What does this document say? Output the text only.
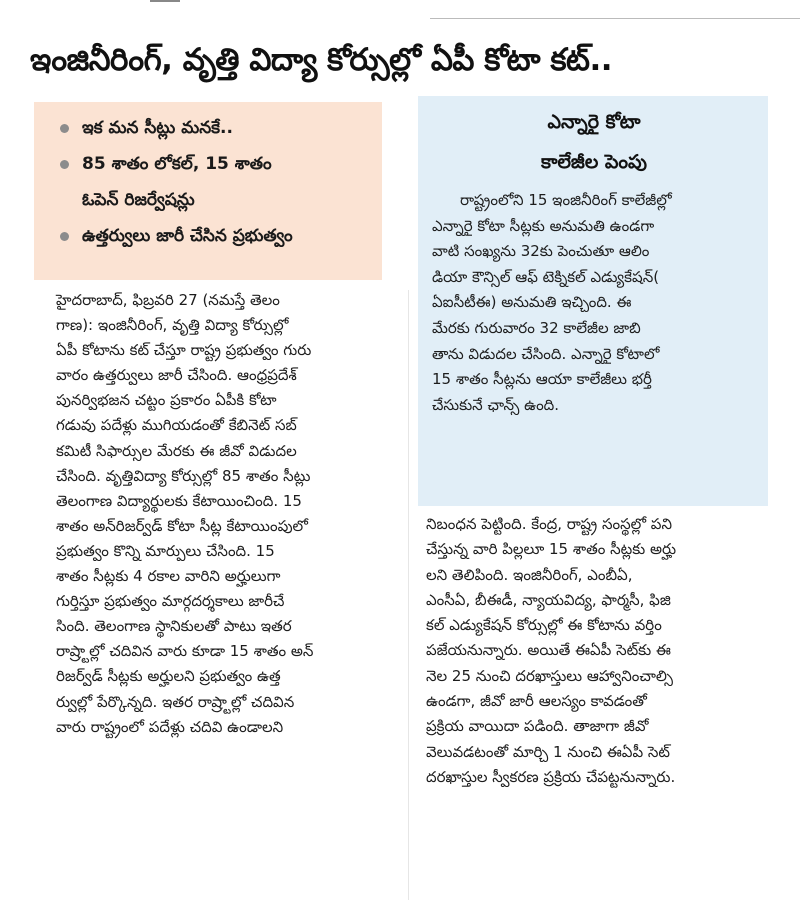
ఇంజినీరింగ్, వృత్తి విద్యా కోర్సుల్లో ఏపీ కోటా కట్..
ఇక మన సీట్లు మనకే..
85 శాతం లోకల్, 15 శాతం
ఓపెన్ రిజర్వేషన్లు
ఉత్తర్వులు జారీ చేసిన ప్రభుత్వం

హైదరాబాద్, ఫిబ్రవరి 27 (నమస్తే తెలం

గాణ): ఇంజినీరింగ్, వృత్తి విద్యా కోర్సుల్లో

ఏపీ కోటాను కట్ చేస్తూ రాష్ట్ర ప్రభుత్వం గురు

వారం ఉత్తర్వులు జారీ చేసింది. ఆంధ్రప్రదేశ్

పునర్విభజన చట్టం ప్రకారం ఏపీకి కోటా

గడువు పదేళ్లు ముగియడంతో కేబినెట్ సబ్

కమిటీ సిఫార్సుల మేరకు ఈ జీవో విడుదల

చేసింది. వృత్తివిద్యా కోర్సుల్లో 85 శాతం సీట్లు

తెలంగాణ విద్యార్థులకు కేటాయించింది. 15

శాతం అన్‌రిజర్వ్‌డ్ కోటా సీట్ల కేటాయింపులో

ప్రభుత్వం కొన్ని మార్పులు చేసింది. 15

శాతం సీట్లకు 4 రకాల వారిని అర్హులుగా

గుర్తిస్తూ ప్రభుత్వం మార్గదర్శకాలు జారీచే

సింది. తెలంగాణ స్థానికులతో పాటు ఇతర

రాష్ర్టాల్లో చదివిన వారు కూడా 15 శాతం అన్

రిజర్వ్‌డ్ సీట్లకు అర్హులని ప్రభుత్వం ఉత్త

ర్వుల్లో పేర్కొన్నది. ఇతర రాష్ర్టాల్లో చదివిన

వారు రాష్ట్రంలో పదేళ్లు చదివి ఉండాలని

ఎన్నారై కోటా
కాలేజీల పెంపు

రాష్ట్రంలోని 15 ఇంజినీరింగ్ కాలేజీల్లో

ఎన్నారై కోటా సీట్లకు అనుమతి ఉండగా

వాటి సంఖ్యను 32కు పెంచుతూ ఆలిం

డియా కౌన్సిల్ ఆఫ్ టెక్నికల్ ఎడ్యుకేషన్(

ఏఐసీటీఈ) అనుమతి ఇచ్చింది. ఈ

మేరకు గురువారం 32 కాలేజీల జాబి

తాను విడుదల చేసింది. ఎన్నారై కోటాలో

15 శాతం సీట్లను ఆయా కాలేజీలు భర్తీ

చేసుకునే ఛాన్స్ ఉంది.

నిబంధన పెట్టింది. కేంద్ర, రాష్ట్ర సంస్థల్లో పని

చేస్తున్న వారి పిల్లలూ 15 శాతం సీట్లకు అర్హు

లని తెలిపింది. ఇంజినీరింగ్, ఎంబీఏ,

ఎంసీఏ, బీఈడీ, న్యాయవిద్య, ఫార్మసీ, ఫిజి

కల్ ఎడ్యుకేషన్ కోర్సుల్లో ఈ కోటాను వర్తిం

పజేయనున్నారు. అయితే ఈఏపీ సెట్‌కు ఈ

నెల 25 నుంచి దరఖాస్తులు ఆహ్వానించాల్సి

ఉండగా, జీవో జారీ ఆలస్యం కావడంతో

ప్రక్రియ వాయిదా పడింది. తాజాగా జీవో

వెలువడటంతో మార్చి 1 నుంచి ఈఏపీ సెట్

దరఖాస్తుల స్వీకరణ ప్రక్రియ చేపట్టనున్నారు.
